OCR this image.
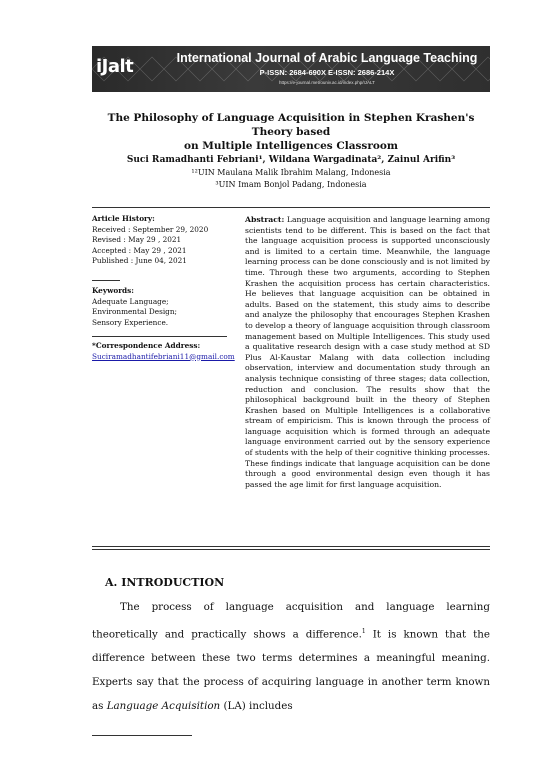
iJalt	International Journal of Arabic Language Teaching
P-ISSN: 2684-690X E-ISSN: 2686-214X
https://e-journal.metrouniv.ac.id/index.php/IJALT
The Philosophy of Language Acquisition in Stephen Krashen's Theory based
on Multiple Intelligences Classroom
Suci Ramadhanti Febriani¹, Wildana Wargadinata², Zainul Arifin³
¹²UIN Maulana Malik Ibrahim Malang, Indonesia
³UIN Imam Bonjol Padang, Indonesia
Article History:
Received : September 29, 2020
Revised : May 29 , 2021
Accepted : May 29 , 2021
Published : June 04, 2021
Keywords:
Adequate Language;
Environmental Design;
Sensory Experience.
*Correspondence Address:
Suciramadhantifebriani11@gmail.com
Abstract: Language acquisition and language learning among scientists tend to be different. This is based on the fact that the language acquisition process is supported unconsciously and is limited to a certain time. Meanwhile, the language learning process can be done consciously and is not limited by time. Through these two arguments, according to Stephen Krashen the acquisition process has certain characteristics. He believes that language acquisition can be obtained in adults. Based on the statement, this study aims to describe and analyze the philosophy that encourages Stephen Krashen to develop a theory of language acquisition through classroom management based on Multiple Intelligences. This study used a qualitative research design with a case study method at SD Plus Al-Kaustar Malang with data collection including observation, interview and documentation study through an analysis technique consisting of three stages; data collection, reduction and conclusion. The results show that the philosophical background built in the theory of Stephen Krashen based on Multiple Intelligences is a collaborative stream of empiricism. This is known through the process of language acquisition which is formed through an adequate language environment carried out by the sensory experience of students with the help of their cognitive thinking processes. These findings indicate that language acquisition can be done through a good environmental design even though it has passed the age limit for first language acquisition.
A. INTRODUCTION

The process of language acquisition and language learning theoretically and practically shows a difference.$^1$ It is known that the difference between these two terms determines a meaningful meaning. Experts say that the process of acquiring language in another term known as Language Acquisition (LA) includes
